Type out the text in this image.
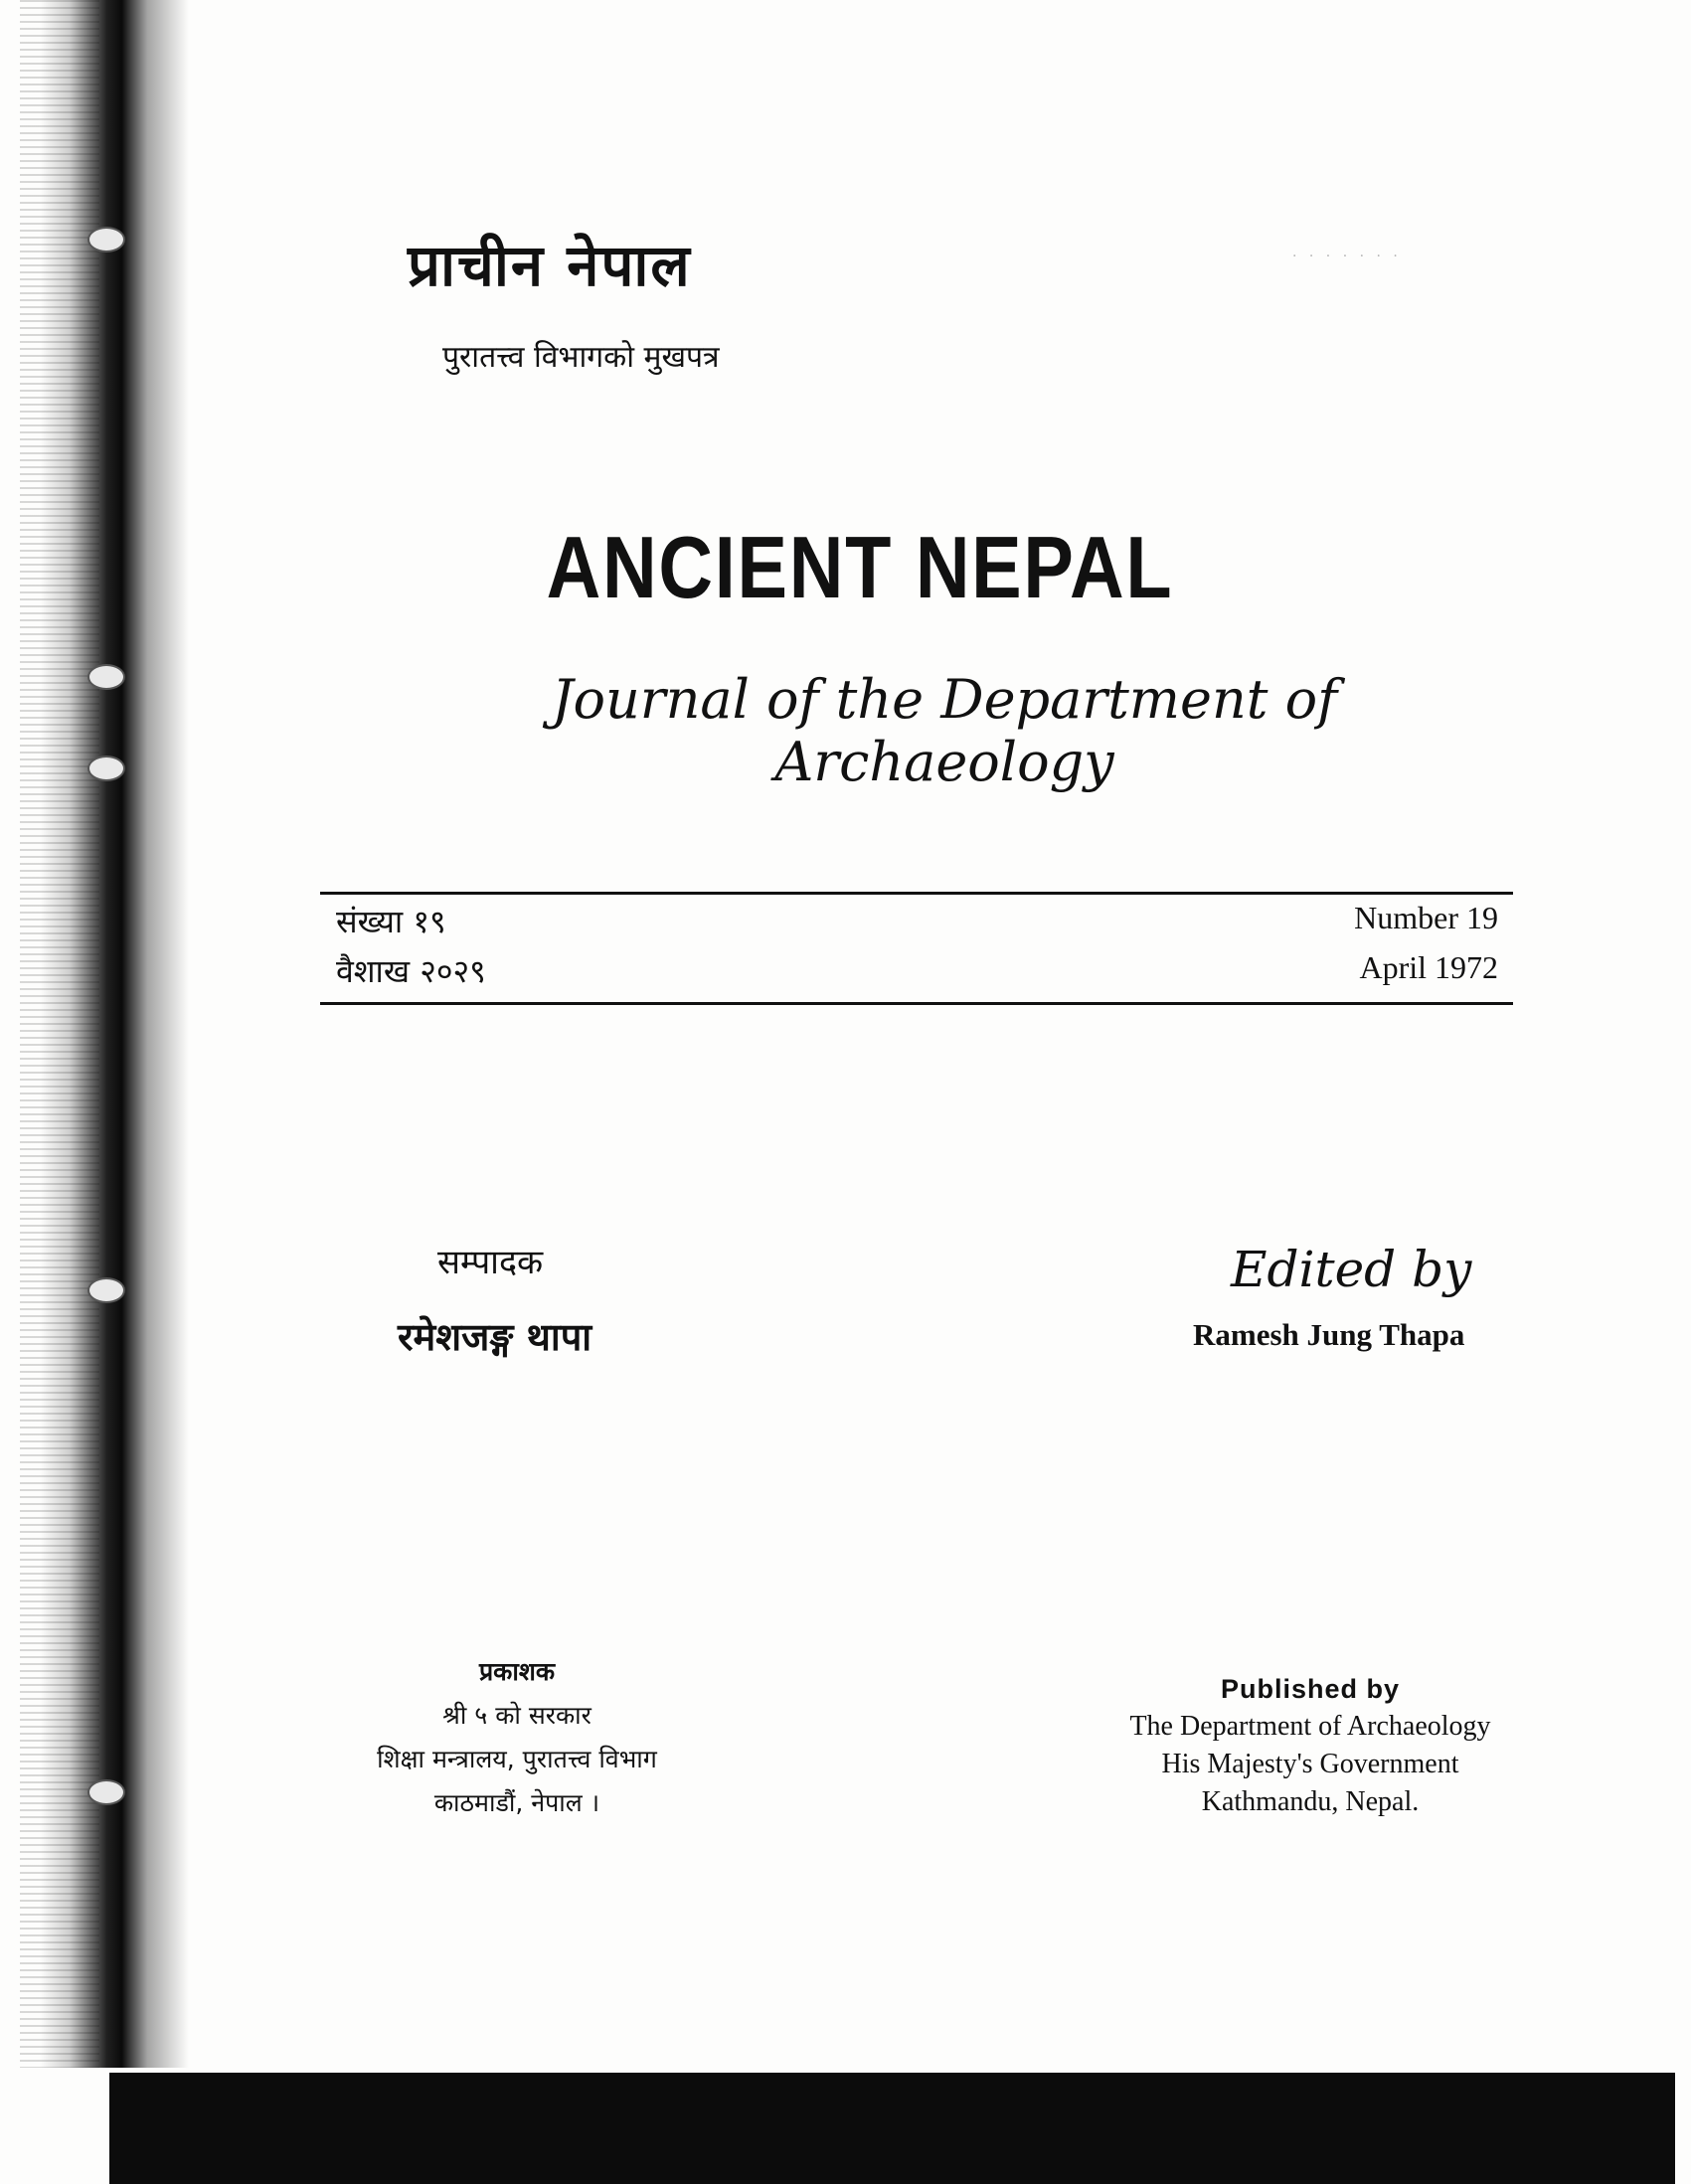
प्राचीन नेपाल
पुरातत्त्व विभागको मुखपत्र
· · · · · · ·
ANCIENT NEPAL
Journal of the Department of Archaeology
संख्या १९
वैशाख २०२९
Number 19
April 1972
सम्पादक
रमेशजङ्ग थापा
Edited by
Ramesh Jung Thapa
प्रकाशक
श्री ५ को सरकार
शिक्षा मन्त्रालय, पुरातत्त्व विभाग
काठमाडौं, नेपाल ।
Published by
The Department of Archaeology
His Majesty's Government
Kathmandu, Nepal.
